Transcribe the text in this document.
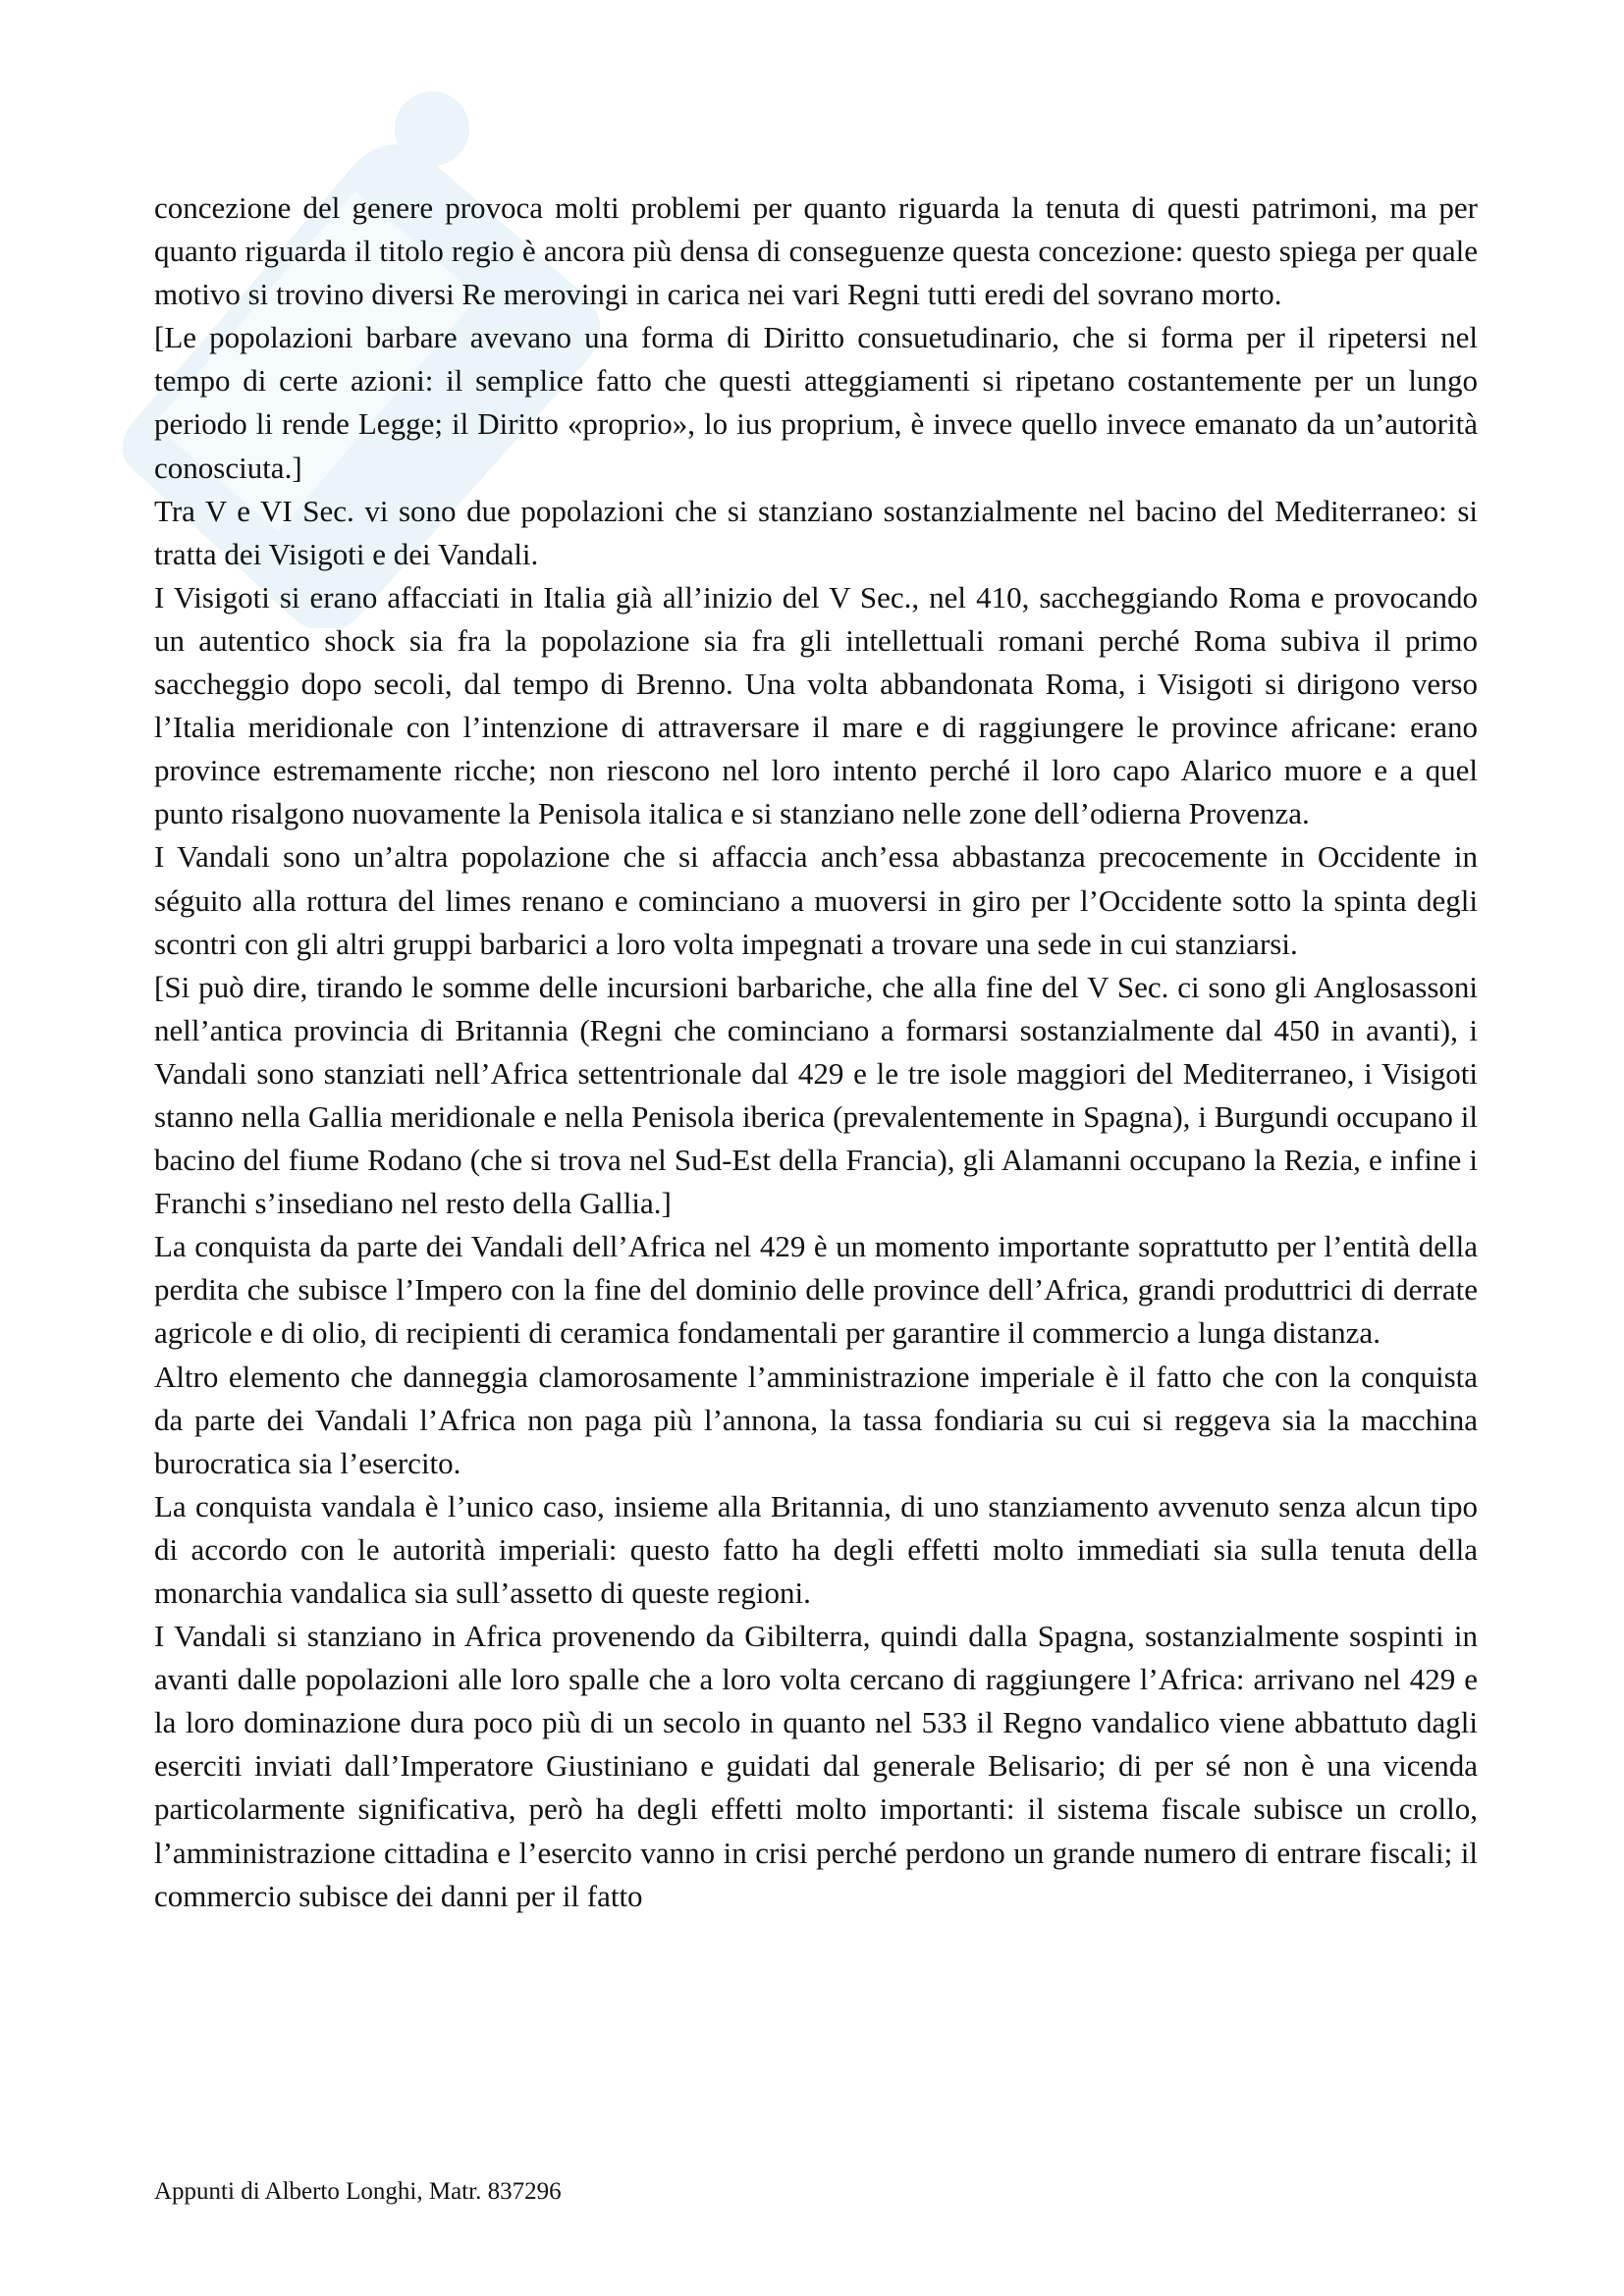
concezione del genere provoca molti problemi per quanto riguarda la tenuta di questi patrimoni, ma per quanto riguarda il titolo regio è ancora più densa di conseguenze questa concezione: questo spiega per quale motivo si trovino diversi Re merovingi in carica nei vari Regni tutti eredi del sovrano morto.

[Le popolazioni barbare avevano una forma di Diritto consuetudinario, che si forma per il ripetersi nel tempo di certe azioni: il semplice fatto che questi atteggiamenti si ripetano costantemente per un lungo periodo li rende Legge; il Diritto «proprio», lo ius proprium, è invece quello invece emanato da un’autorità conosciuta.]

Tra V e VI Sec. vi sono due popolazioni che si stanziano sostanzialmente nel bacino del Mediterraneo: si tratta dei Visigoti e dei Vandali.

I Visigoti si erano affacciati in Italia già all’inizio del V Sec., nel 410, saccheggiando Roma e provocando un autentico shock sia fra la popolazione sia fra gli intellettuali romani perché Roma subiva il primo saccheggio dopo secoli, dal tempo di Brenno. Una volta abbandonata Roma, i Visigoti si dirigono verso l’Italia meridionale con l’intenzione di attraversare il mare e di raggiungere le province africane: erano province estremamente ricche; non riescono nel loro intento perché il loro capo Alarico muore e a quel punto risalgono nuovamente la Penisola italica e si stanziano nelle zone dell’odierna Provenza.

I Vandali sono un’altra popolazione che si affaccia anch’essa abbastanza precocemente in Occidente in séguito alla rottura del limes renano e cominciano a muoversi in giro per l’Occidente sotto la spinta degli scontri con gli altri gruppi barbarici a loro volta impegnati a trovare una sede in cui stanziarsi.

[Si può dire, tirando le somme delle incursioni barbariche, che alla fine del V Sec. ci sono gli Anglosassoni nell’antica provincia di Britannia (Regni che cominciano a formarsi sostanzialmente dal 450 in avanti), i Vandali sono stanziati nell’Africa settentrionale dal 429 e le tre isole maggiori del Mediterraneo, i Visigoti stanno nella Gallia meridionale e nella Penisola iberica (prevalentemente in Spagna), i Burgundi occupano il bacino del fiume Rodano (che si trova nel Sud-Est della Francia), gli Alamanni occupano la Rezia, e infine i Franchi s’insediano nel resto della Gallia.]

La conquista da parte dei Vandali dell’Africa nel 429 è un momento importante soprattutto per l’entità della perdita che subisce l’Impero con la fine del dominio delle province dell’Africa, grandi produttrici di derrate agricole e di olio, di recipienti di ceramica fondamentali per garantire il commercio a lunga distanza.

Altro elemento che danneggia clamorosamente l’amministrazione imperiale è il fatto che con la conquista da parte dei Vandali l’Africa non paga più l’annona, la tassa fondiaria su cui si reggeva sia la macchina burocratica sia l’esercito.

La conquista vandala è l’unico caso, insieme alla Britannia, di uno stanziamento avvenuto senza alcun tipo di accordo con le autorità imperiali: questo fatto ha degli effetti molto immediati sia sulla tenuta della monarchia vandalica sia sull’assetto di queste regioni.

I Vandali si stanziano in Africa provenendo da Gibilterra, quindi dalla Spagna, sostanzialmente sospinti in avanti dalle popolazioni alle loro spalle che a loro volta cercano di raggiungere l’Africa: arrivano nel 429 e la loro dominazione dura poco più di un secolo in quanto nel 533 il Regno vandalico viene abbattuto dagli eserciti inviati dall’Imperatore Giustiniano e guidati dal generale Belisario; di per sé non è una vicenda particolarmente significativa, però ha degli effetti molto importanti: il sistema fiscale subisce un crollo, l’amministrazione cittadina e l’esercito vanno in crisi perché perdono un grande numero di entrare fiscali; il commercio subisce dei danni per il fatto

Appunti di Alberto Longhi, Matr. 837296
